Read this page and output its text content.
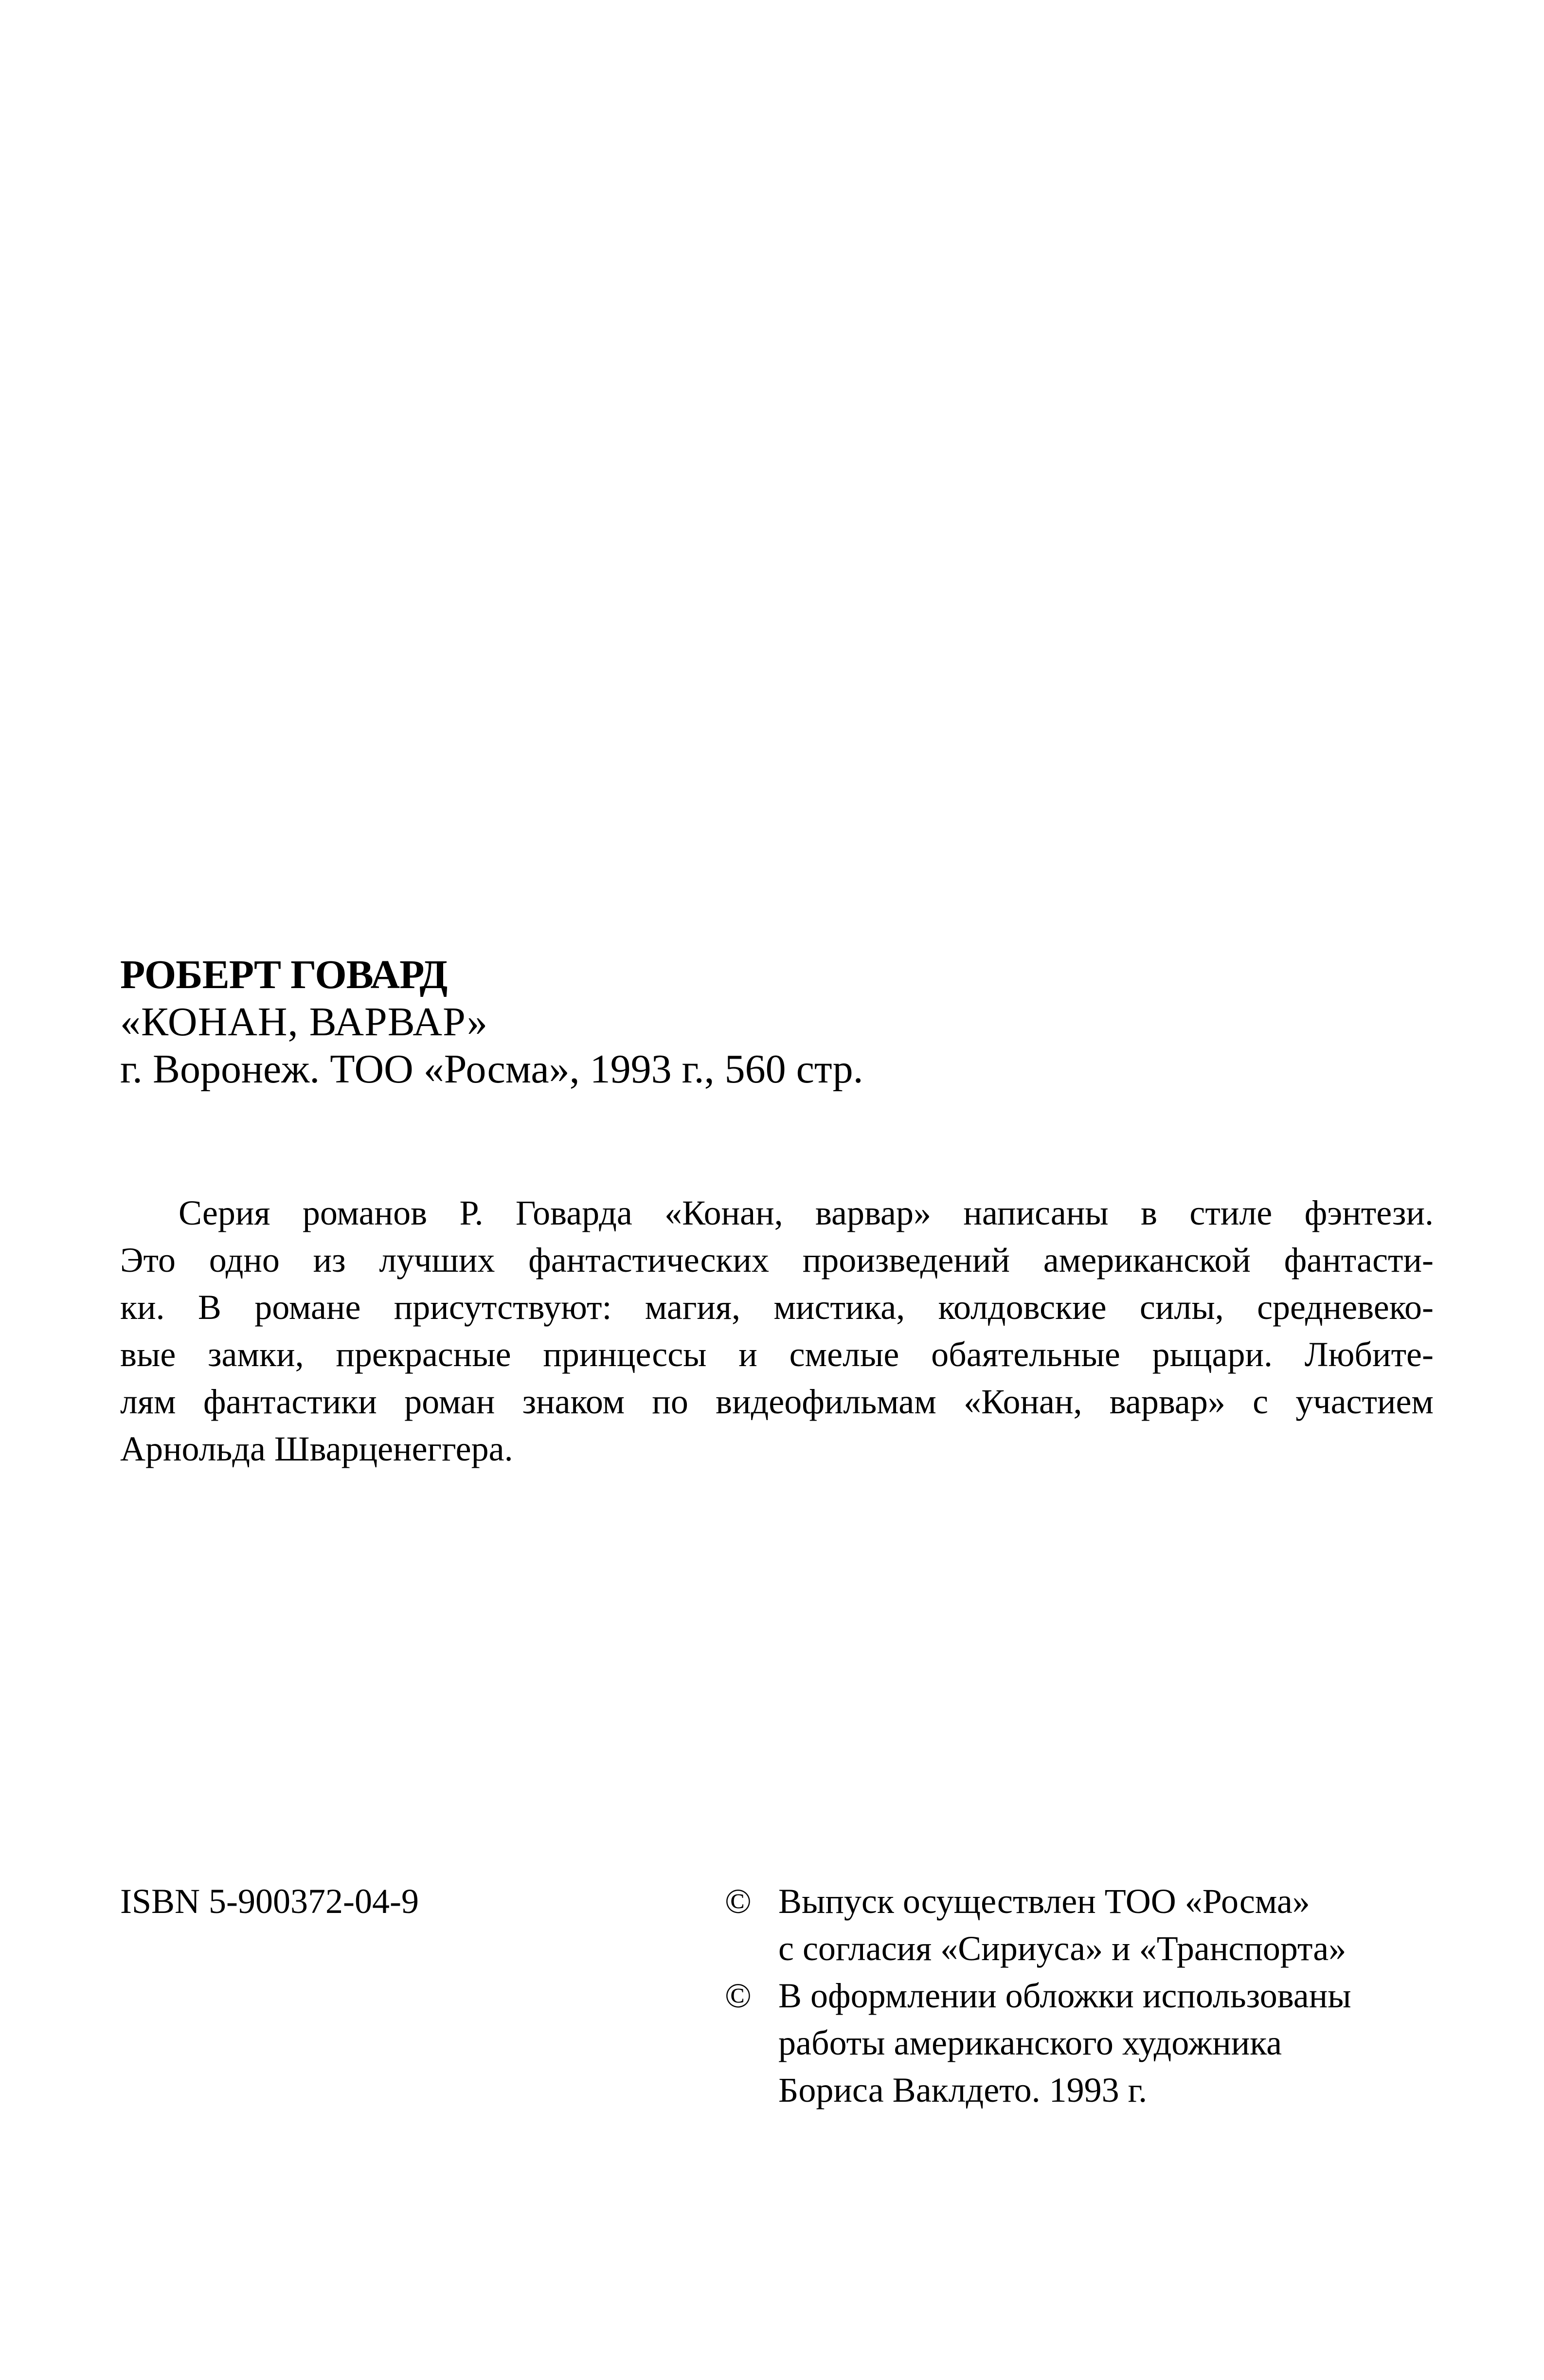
РОБЕРТ ГОВАРД
«КОНАН, ВАРВАР»
г. Воронеж. ТОО «Росма», 1993 г., 560 стр.

Серия романов Р. Говарда «Конан, варвар» написаны в стиле фэнтези.
Это одно из лучших фантастических произведений американской фантасти-
ки. В романе присутствуют: магия, мистика, колдовские силы, средневеко-
вые замки, прекрасные принцессы и смелые обаятельные рыцари. Любите-
лям фантастики роман знаком по видеофильмам «Конан, варвар» с участием
Арнольда Шварценеггера.

ISBN 5-900372-04-9	© Выпуск осуществлен ТОО «Росма»
с согласия «Сириуса» и «Транспорта»
© В оформлении обложки использованы
работы американского художника
Бориса Ваклдето. 1993 г.
